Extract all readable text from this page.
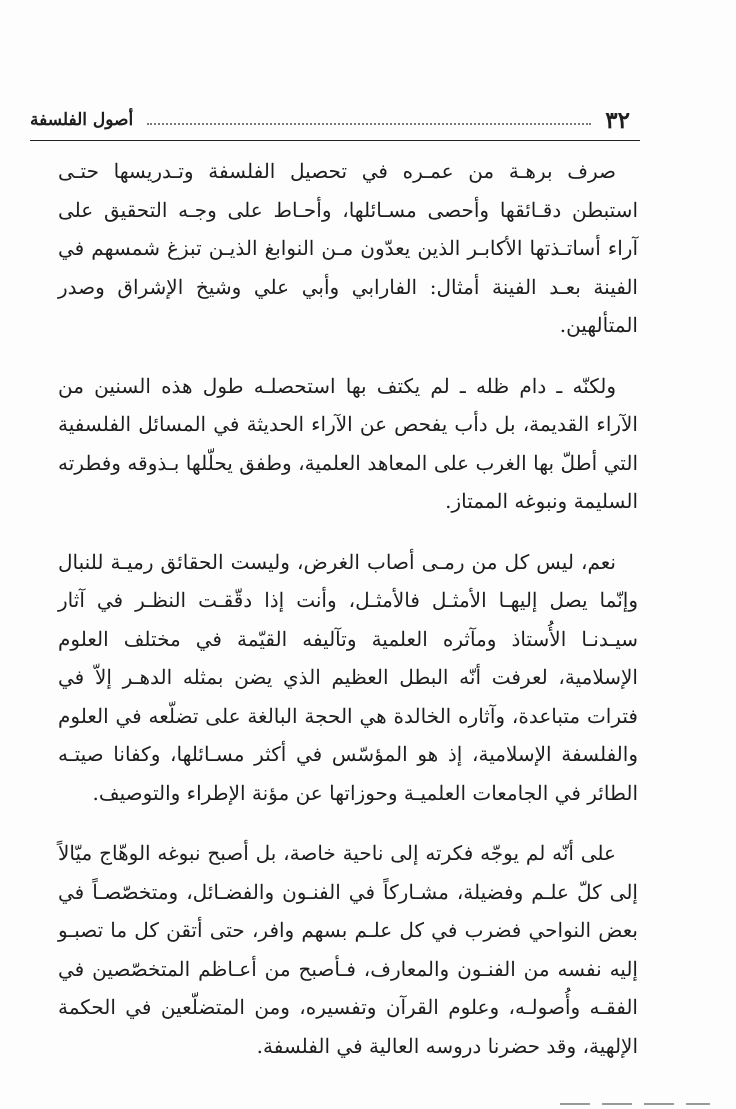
٣٢
أصول الفلسفة

صرف برهـة من عمـره في تحصيل الفلسفة وتـدريسها حتـى استبطن دقـائقها وأحصى مسـائلها، وأحـاط على وجـه التحقيق على آراء أساتـذتها الأكابـر الذين يعدّون مـن النوابغ الذيـن تبزغ شمسهم في الفينة بعـد الفينة أمثال: الفارابي وأبي علي وشيخ الإشراق وصدر المتألهين.

ولكنّه ـ دام ظله ـ لم يكتف بها استحصلـه طول هذه السنين من الآراء القديمة، بل دأب يفحص عن الآراء الحديثة في المسائل الفلسفية التي أطلّ بها الغرب على المعاهد العلمية، وطفق يحلّلها بـذوقه وفطرته السليمة ونبوغه الممتاز.

نعم، ليس كل من رمـى أصاب الغرض، وليست الحقائق رميـة للنبال وإنّما يصل إليهـا الأمثـل فالأمثـل، وأنت إذا دقّقـت النظـر في آثار سيـدنـا الأُستاذ ومآثره العلمية وتآليفه القيّمة في مختلف العلوم الإسلامية، لعرفت أنّه البطل العظيم الذي يضن بمثله الدهـر إلاّ في فترات متباعدة، وآثاره الخالدة هي الحجة البالغة على تضلّعه في العلوم والفلسفة الإسلامية، إذ هو المؤسّس في أكثر مسـائلها، وكفانا صيتـه الطائر في الجامعات العلميـة وحوزاتها عن مؤنة الإطراء والتوصيف.

على أنّه لم يوجّه فكرته إلى ناحية خاصة، بل أصبح نبوغه الوهّاج ميّالاً إلى كلّ علـم وفضيلة، مشـاركاً في الفنـون والفضـائل، ومتخصّصـاً في بعض النواحي فضرب في كل علـم بسهم وافر، حتى أتقن كل ما تصبـو إليه نفسه من الفنـون والمعارف، فـأصبح من أعـاظم المتخصّصين في الفقـه وأُصولـه، وعلوم القرآن وتفسيره، ومن المتضلّعين في الحكمة الإلهية، وقد حضرنا دروسه العالية في الفلسفة.
